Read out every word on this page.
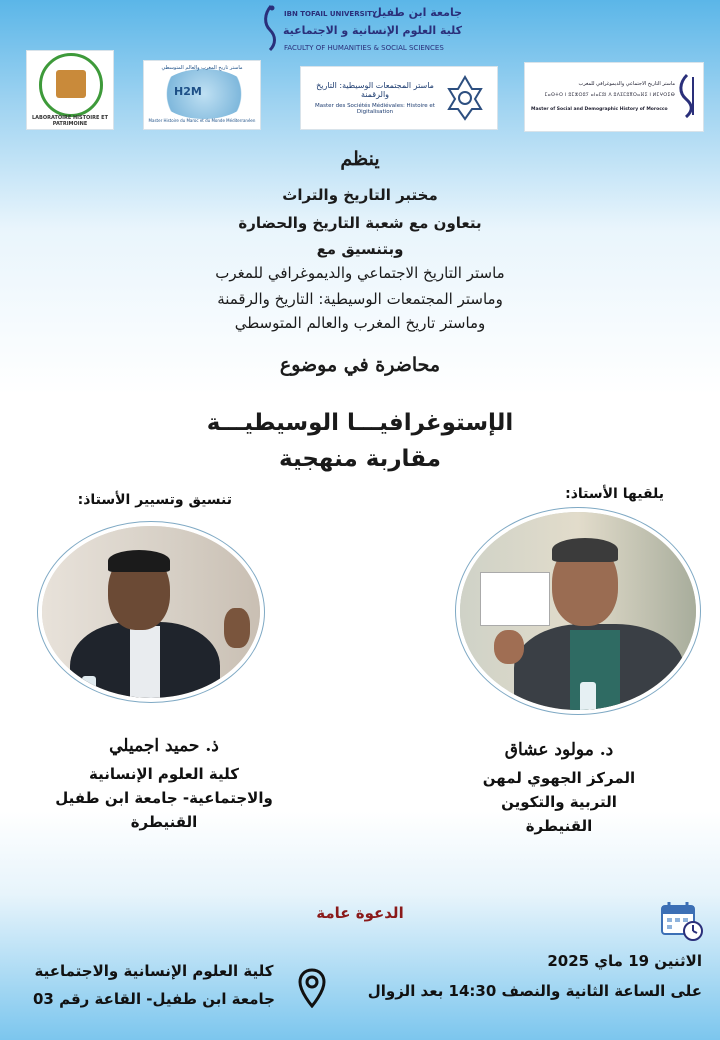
IBN TOFAIL UNIVERSITY
جامعة ابن طفيل
كلية العلوم الإنسانية و الاجتماعية
FACULTY OF HUMANITIES & SOCIAL SCIENCES
LABORATOIRE HISTOIRE ET PATRIMOINE
ماستر تاريخ المغرب والعالم المتوسطي
H2M
Master Histoire du Maroc et du Monde Méditerranéen
ماستر المجتمعات الوسيطية: التاريخ والرقمنة
Master des Sociétés Médiévales: Histoire et Digitalisation
ماستر التاريخ الاجتماعي والديموغرافي للمغرب
ⵎⴰⵙⵜⵔ ⵏ ⵓⵎⵣⵔⵓⵢ ⴰⵏⴰⵎⵓⵏ ⴷ ⵓⴷⵉⵎⵓⴳⵔⴰⴼⵉ ⵏ ⵍⵎⵖⵔⵉⴱ
Master of Social and Demographic History of Morocco
ينظم
مختبر التاريخ والتراث
بتعاون مع شعبة التاريخ والحضارة
وبتنسيق مع
ماستر التاريخ الاجتماعي والديموغرافي للمغرب
وماستر المجتمعات الوسيطية: التاريخ والرقمنة
وماستر تاريخ المغرب والعالم المتوسطي
محاضرة في موضوع
الإستوغرافيـــا الوسيطيـــة
مقاربة منهجية
تنسيق وتسيير الأستاذ:	يلقيها الأستاذ:
ذ. حميد اجميلي
كلية العلوم الإنسانية
والاجتماعية- جامعة ابن طفيل
القنيطرة
د. مولود عشاق
المركز الجهوي لمهن
التربية والتكوين
القنيطرة
الدعوة عامة
الاثنين 19 ماي 2025
على الساعة الثانية والنصف 14:30 بعد الزوال
كلية العلوم الإنسانية والاجتماعية
جامعة ابن طفيل- القاعة رقم 03
